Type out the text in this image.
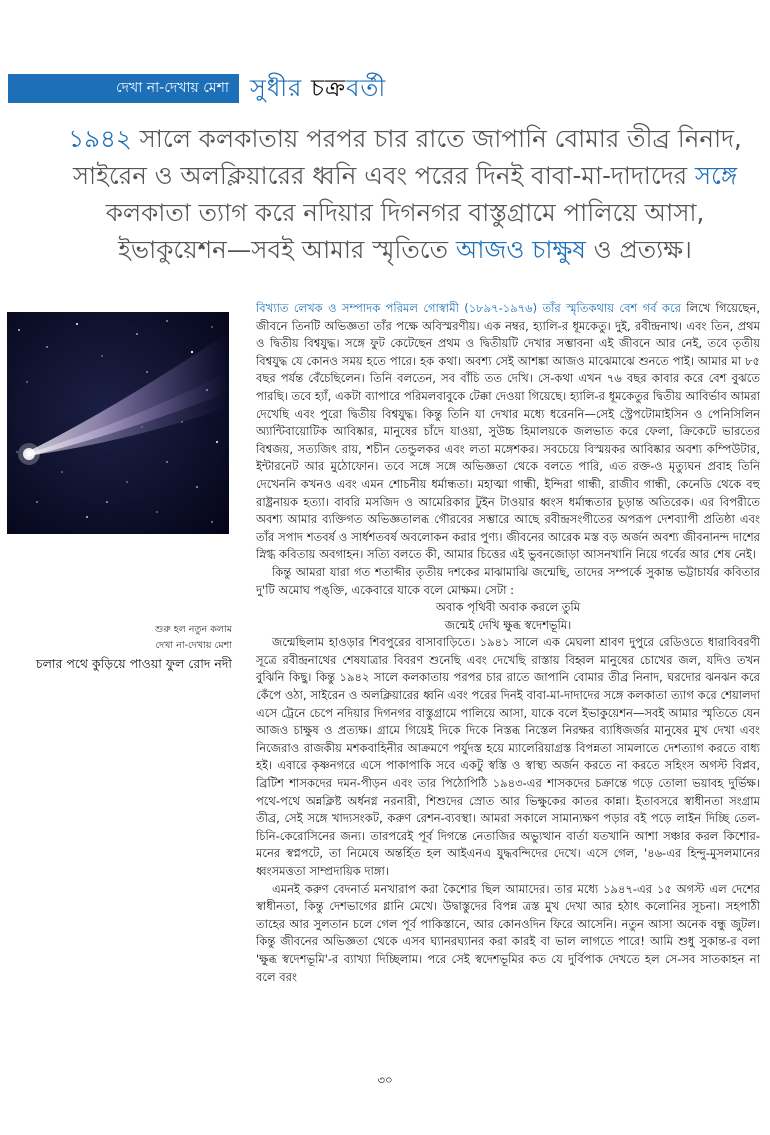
দেখা না-দেখায় মেশা সুধীর চক্রবর্তী
১৯৪২ সালে কলকাতায় পরপর চার রাতে জাপানি বোমার তীব্র নিনাদ, সাইরেন ও অলক্লিয়ারের ধ্বনি এবং পরের দিনই বাবা-মা-দাদাদের সঙ্গে কলকাতা ত্যাগ করে নদিয়ার দিগনগর বাস্তুগ্রামে পালিয়ে আসা, ইভাকুয়েশন—সবই আমার স্মৃতিতে আজও চাক্ষুষ ও প্রত্যক্ষ।
শুরু হল নতুন কলাম
দেখা না-দেখায় মেশা
চলার পথে কুড়িয়ে পাওয়া ফুল রোদ নদী

বিখ্যাত লেখক ও সম্পাদক পরিমল গোস্বামী (১৮৯৭-১৯৭৬) তাঁর স্মৃতিকথায় বেশ গর্ব করে লিখে গিয়েছেন, জীবনে তিনটি অভিজ্ঞতা তাঁর পক্ষে অবিস্মরণীয়। এক নম্বর, হ্যালি-র ধূমকেতু। দুই, রবীন্দ্রনাথ। এবং তিন, প্রথম ও দ্বিতীয় বিশ্বযুদ্ধ। সঙ্গে ফুট কেটেছেন প্রথম ও দ্বিতীয়টি দেখার সম্ভাবনা এই জীবনে আর নেই, তবে তৃতীয় বিশ্বযুদ্ধ যে কোনও সময় হতে পারে। হক কথা। অবশ্য সেই আশঙ্কা আজও মাঝেমাঝে শুনতে পাই। আমার মা ৮৫ বছর পর্যন্ত বেঁচেছিলেন। তিনি বলতেন, সব বাঁচি তত দেখি। সে-কথা এখন ৭৬ বছর কাবার করে বেশ বুঝতে পারছি। তবে হ্যাঁ, একটা ব্যাপারে পরিমলবাবুকে টেক্কা দেওয়া গিয়েছে। হ্যালি-র ধূমকেতুর দ্বিতীয় আবির্ভাব আমরা দেখেছি এবং পুরো দ্বিতীয় বিশ্বযুদ্ধ। কিন্তু তিনি যা দেখার মধ্যে ধরেননি—সেই স্ট্রেপটোমাইসিন ও পেনিসিলিন অ্যান্টিবায়োটিক আবিষ্কার, মানুষের চাঁদে যাওয়া, সুউচ্চ হিমালয়কে জলভাত করে ফেলা, ক্রিকেটে ভারতের বিশ্বজয়, সত্যজিৎ রায়, শচীন তেন্ডুলকর এবং লতা মঙ্গেশকর। সবচেয়ে বিস্ময়কর আবিষ্কার অবশ্য কম্পিউটার, ইন্টারনেট আর মুঠোফোন। তবে সঙ্গে সঙ্গে অভিজ্ঞতা থেকে বলতে পারি, এত রক্ত-ও মৃত্যুঘন প্রবাহ তিনি দেখেননি কখনও এবং এমন শোচনীয় ধর্মান্ধতা। মহাত্মা গান্ধী, ইন্দিরা গান্ধী, রাজীব গান্ধী, কেনেডি থেকে বহু রাষ্ট্রনায়ক হত্যা। বাবরি মসজিদ ও আমেরিকার টুইন টাওয়ার ধ্বংস ধর্মান্ধতার চূড়ান্ত অতিরেক। এর বিপরীতে অবশ্য আমার ব্যক্তিগত অভিজ্ঞতালব্ধ গৌরবের সম্ভারে আছে রবীন্দ্রসংগীতের অপরূপ দেশব্যাপী প্রতিষ্ঠা এবং তাঁর সপাদ শতবর্ষ ও সার্ধশতবর্ষ অবলোকন করার পুণ্য। জীবনের আরেক মস্ত বড় অর্জন অবশ্য জীবনানন্দ দাশের স্নিগ্ধ কবিতায় অবগাহন। সত্যি বলতে কী, আমার চিত্তের এই ভুবনজোড়া আসনখানি নিয়ে গর্বের আর শেষ নেই।

কিন্তু আমরা যারা গত শতাব্দীর তৃতীয় দশকের মাঝামাঝি জন্মেছি, তাদের সম্পর্কে সুকান্ত ভট্টাচার্যর কবিতার দু'টি অমোঘ পঙ্‌ক্তি, একেবারে যাকে বলে মোক্ষম। সেটা :

অবাক পৃথিবী অবাক করলে তুমি

জন্মেই দেখি ক্ষুব্ধ স্বদেশভূমি।

জন্মেছিলাম হাওড়ার শিবপুরের বাসাবাড়িতে। ১৯৪১ সালে এক মেঘলা শ্রাবণ দুপুরে রেডিওতে ধারাবিবরণী সূত্রে রবীন্দ্রনাথের শেষযাত্রার বিবরণ শুনেছি এবং দেখেছি রাস্তায় বিহ্বল মানুষের চোখের জল, যদিও তখন বুঝিনি কিছু। কিন্তু ১৯৪২ সালে কলকাতায় পরপর চার রাতে জাপানি বোমার তীব্র নিনাদ, ঘরদোর ঝনঝন করে কেঁপে ওঠা, সাইরেন ও অলক্লিয়ারের ধ্বনি এবং পরের দিনই বাবা-মা-দাদাদের সঙ্গে কলকাতা ত্যাগ করে শেয়ালদা এসে ট্রেনে চেপে নদিয়ার দিগনগর বাস্তুগ্রামে পালিয়ে আসা, যাকে বলে ইভাকুয়েশন—সবই আমার স্মৃতিতে যেন আজও চাক্ষুষ ও প্রত্যক্ষ। গ্রামে গিয়েই দিকে দিকে নিস্তব্ধ নিস্তেল নিরক্ষর ব্যাধিজর্জর মানুষের মুখ দেখা এবং নিজেরাও রাজকীয় মশকবাহিনীর আক্রমণে পর্যুদস্ত হয়ে ম্যালেরিয়াগ্রস্ত বিপন্নতা সামলাতে দেশত্যাগ করতে বাধ্য হই। এবারে কৃষ্ণনগরে এসে পাকাপাকি সবে একটু স্বস্তি ও স্বাস্থ্য অর্জন করতে না করতে সহিংস অগস্ট বিপ্লব, ব্রিটিশ শাসকদের দমন-পীড়ন এবং তার পিঠোপিঠি ১৯৪৩-এর শাসকদের চক্রান্তে গড়ে তোলা ভয়াবহ দুর্ভিক্ষ। পথে-পথে অন্নক্লিষ্ট অর্ধনগ্ন নরনারী, শিশুদের স্রোত আর ভিক্ষুকের কাতর কান্না। ইতাবসরে স্বাধীনতা সংগ্রাম তীব্র, সেই সঙ্গে খাদ্যসংকট, করুণ রেশন-ব্যবস্থা। আমরা সকালে সামান্যক্ষণ পড়ার বই পড়ে লাইন দিচ্ছি তেল-চিনি-কেরোসিনের জন্য। তারপরেই পূর্ব দিগন্তে নেতাজির অভ্যুত্থান বার্তা যতখানি আশা সঞ্চার করল কিশোর-মনের স্বপ্নপটে, তা নিমেষে অন্তর্হিত হল আইএনএ যুদ্ধবন্দিদের দেখে। এসে গেল, '৪৬-এর হিন্দু-মুসলমানের ধ্বংসমত্ততা সাম্প্রদায়িক দাঙ্গা।

এমনই করুণ বেদনার্ত মনখারাপ করা কৈশোর ছিল আমাদের। তার মধ্যে ১৯৪৭-এর ১৫ অগস্ট এল দেশের স্বাধীনতা, কিন্তু দেশভাগের গ্লানি মেখে। উদ্বাস্তুদের বিপন্ন ত্রস্ত মুখ দেখা আর হঠাৎ কলোনির সূচনা। সহপাঠী তাহের আর সুলতান চলে গেল পূর্ব পাকিস্তানে, আর কোনওদিন ফিরে আসেনি। নতুন আসা অনেক বন্ধু জুটল। কিন্তু জীবনের অভিজ্ঞতা থেকে এসব ঘ্যানরঘ্যানর করা কারই বা ভাল লাগতে পারে! আমি শুধু সুকান্ত-র বলা 'ক্ষুব্ধ স্বদেশভূমি'-র ব্যাখ্যা দিচ্ছিলাম। পরে সেই স্বদেশভূমির কত যে দুর্বিপাক দেখতে হল সে-সব সাতকাহন না বলে বরং

৩০
